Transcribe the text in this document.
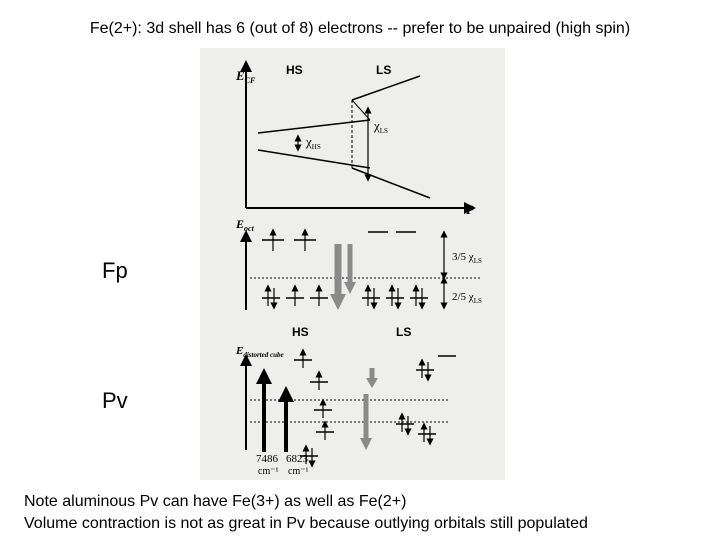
Fe(2+): 3d shell has 6 (out of 8) electrons -- prefer to be unpaired (high spin)
$E_{CF}$
P
HS	LS
$\chi_{HS}$
$\chi_{LS}$
$E_{oct}$
3/5 $\chi_{LS}$
2/5 $\chi_{LS}$
HS	LS
$E_{distorted cube}$
7486
cm⁻¹
6823
cm⁻¹
Fp
Pv
Note aluminous Pv can have Fe(3+) as well as Fe(2+)
Volume contraction is not as great in Pv because outlying orbitals still populated
